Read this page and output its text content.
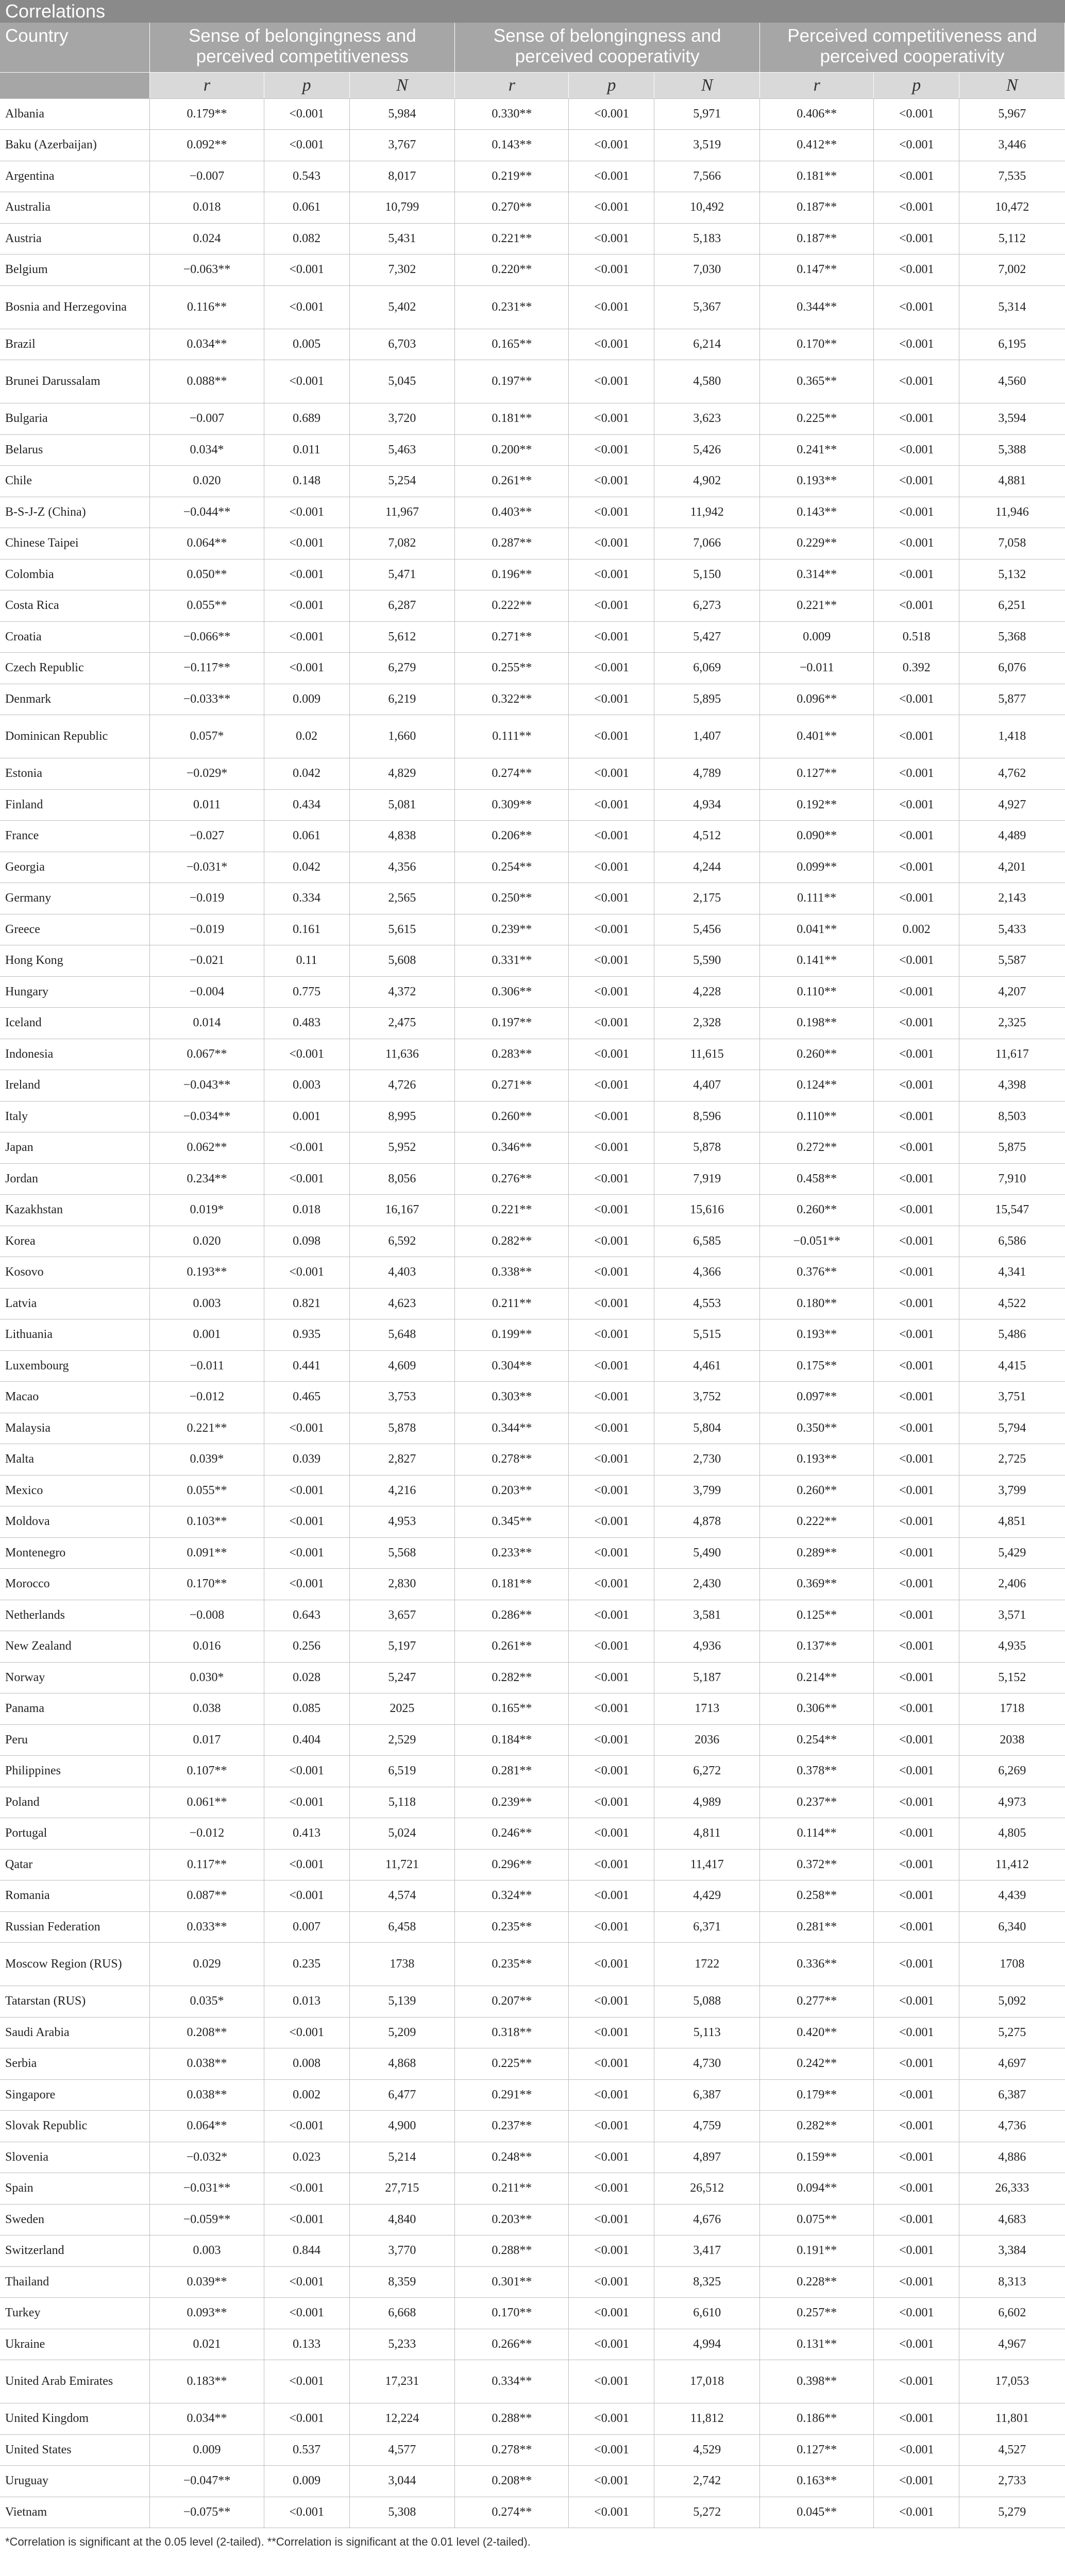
Correlations
Country	Sense of belongingness and perceived competitiveness			Sense of belongingness and perceived cooperativity			Perceived competitiveness and perceived cooperativity		
	r	p	N	r	p	N	r	p	N
Albania	0.179**	<0.001	5,984	0.330**	<0.001	5,971	0.406**	<0.001	5,967
Baku (Azerbaijan)	0.092**	<0.001	3,767	0.143**	<0.001	3,519	0.412**	<0.001	3,446
Argentina	−0.007	0.543	8,017	0.219**	<0.001	7,566	0.181**	<0.001	7,535
Australia	0.018	0.061	10,799	0.270**	<0.001	10,492	0.187**	<0.001	10,472
Austria	0.024	0.082	5,431	0.221**	<0.001	5,183	0.187**	<0.001	5,112
Belgium	−0.063**	<0.001	7,302	0.220**	<0.001	7,030	0.147**	<0.001	7,002
Bosnia and Herzegovina	0.116**	<0.001	5,402	0.231**	<0.001	5,367	0.344**	<0.001	5,314
Brazil	0.034**	0.005	6,703	0.165**	<0.001	6,214	0.170**	<0.001	6,195
Brunei Darussalam	0.088**	<0.001	5,045	0.197**	<0.001	4,580	0.365**	<0.001	4,560
Bulgaria	−0.007	0.689	3,720	0.181**	<0.001	3,623	0.225**	<0.001	3,594
Belarus	0.034*	0.011	5,463	0.200**	<0.001	5,426	0.241**	<0.001	5,388
Chile	0.020	0.148	5,254	0.261**	<0.001	4,902	0.193**	<0.001	4,881
B-S-J-Z (China)	−0.044**	<0.001	11,967	0.403**	<0.001	11,942	0.143**	<0.001	11,946
Chinese Taipei	0.064**	<0.001	7,082	0.287**	<0.001	7,066	0.229**	<0.001	7,058
Colombia	0.050**	<0.001	5,471	0.196**	<0.001	5,150	0.314**	<0.001	5,132
Costa Rica	0.055**	<0.001	6,287	0.222**	<0.001	6,273	0.221**	<0.001	6,251
Croatia	−0.066**	<0.001	5,612	0.271**	<0.001	5,427	0.009	0.518	5,368
Czech Republic	−0.117**	<0.001	6,279	0.255**	<0.001	6,069	−0.011	0.392	6,076
Denmark	−0.033**	0.009	6,219	0.322**	<0.001	5,895	0.096**	<0.001	5,877
Dominican Republic	0.057*	0.02	1,660	0.111**	<0.001	1,407	0.401**	<0.001	1,418
Estonia	−0.029*	0.042	4,829	0.274**	<0.001	4,789	0.127**	<0.001	4,762
Finland	0.011	0.434	5,081	0.309**	<0.001	4,934	0.192**	<0.001	4,927
France	−0.027	0.061	4,838	0.206**	<0.001	4,512	0.090**	<0.001	4,489
Georgia	−0.031*	0.042	4,356	0.254**	<0.001	4,244	0.099**	<0.001	4,201
Germany	−0.019	0.334	2,565	0.250**	<0.001	2,175	0.111**	<0.001	2,143
Greece	−0.019	0.161	5,615	0.239**	<0.001	5,456	0.041**	0.002	5,433
Hong Kong	−0.021	0.11	5,608	0.331**	<0.001	5,590	0.141**	<0.001	5,587
Hungary	−0.004	0.775	4,372	0.306**	<0.001	4,228	0.110**	<0.001	4,207
Iceland	0.014	0.483	2,475	0.197**	<0.001	2,328	0.198**	<0.001	2,325
Indonesia	0.067**	<0.001	11,636	0.283**	<0.001	11,615	0.260**	<0.001	11,617
Ireland	−0.043**	0.003	4,726	0.271**	<0.001	4,407	0.124**	<0.001	4,398
Italy	−0.034**	0.001	8,995	0.260**	<0.001	8,596	0.110**	<0.001	8,503
Japan	0.062**	<0.001	5,952	0.346**	<0.001	5,878	0.272**	<0.001	5,875
Jordan	0.234**	<0.001	8,056	0.276**	<0.001	7,919	0.458**	<0.001	7,910
Kazakhstan	0.019*	0.018	16,167	0.221**	<0.001	15,616	0.260**	<0.001	15,547
Korea	0.020	0.098	6,592	0.282**	<0.001	6,585	−0.051**	<0.001	6,586
Kosovo	0.193**	<0.001	4,403	0.338**	<0.001	4,366	0.376**	<0.001	4,341
Latvia	0.003	0.821	4,623	0.211**	<0.001	4,553	0.180**	<0.001	4,522
Lithuania	0.001	0.935	5,648	0.199**	<0.001	5,515	0.193**	<0.001	5,486
Luxembourg	−0.011	0.441	4,609	0.304**	<0.001	4,461	0.175**	<0.001	4,415
Macao	−0.012	0.465	3,753	0.303**	<0.001	3,752	0.097**	<0.001	3,751
Malaysia	0.221**	<0.001	5,878	0.344**	<0.001	5,804	0.350**	<0.001	5,794
Malta	0.039*	0.039	2,827	0.278**	<0.001	2,730	0.193**	<0.001	2,725
Mexico	0.055**	<0.001	4,216	0.203**	<0.001	3,799	0.260**	<0.001	3,799
Moldova	0.103**	<0.001	4,953	0.345**	<0.001	4,878	0.222**	<0.001	4,851
Montenegro	0.091**	<0.001	5,568	0.233**	<0.001	5,490	0.289**	<0.001	5,429
Morocco	0.170**	<0.001	2,830	0.181**	<0.001	2,430	0.369**	<0.001	2,406
Netherlands	−0.008	0.643	3,657	0.286**	<0.001	3,581	0.125**	<0.001	3,571
New Zealand	0.016	0.256	5,197	0.261**	<0.001	4,936	0.137**	<0.001	4,935
Norway	0.030*	0.028	5,247	0.282**	<0.001	5,187	0.214**	<0.001	5,152
Panama	0.038	0.085	2025	0.165**	<0.001	1713	0.306**	<0.001	1718
Peru	0.017	0.404	2,529	0.184**	<0.001	2036	0.254**	<0.001	2038
Philippines	0.107**	<0.001	6,519	0.281**	<0.001	6,272	0.378**	<0.001	6,269
Poland	0.061**	<0.001	5,118	0.239**	<0.001	4,989	0.237**	<0.001	4,973
Portugal	−0.012	0.413	5,024	0.246**	<0.001	4,811	0.114**	<0.001	4,805
Qatar	0.117**	<0.001	11,721	0.296**	<0.001	11,417	0.372**	<0.001	11,412
Romania	0.087**	<0.001	4,574	0.324**	<0.001	4,429	0.258**	<0.001	4,439
Russian Federation	0.033**	0.007	6,458	0.235**	<0.001	6,371	0.281**	<0.001	6,340
Moscow Region (RUS)	0.029	0.235	1738	0.235**	<0.001	1722	0.336**	<0.001	1708
Tatarstan (RUS)	0.035*	0.013	5,139	0.207**	<0.001	5,088	0.277**	<0.001	5,092
Saudi Arabia	0.208**	<0.001	5,209	0.318**	<0.001	5,113	0.420**	<0.001	5,275
Serbia	0.038**	0.008	4,868	0.225**	<0.001	4,730	0.242**	<0.001	4,697
Singapore	0.038**	0.002	6,477	0.291**	<0.001	6,387	0.179**	<0.001	6,387
Slovak Republic	0.064**	<0.001	4,900	0.237**	<0.001	4,759	0.282**	<0.001	4,736
Slovenia	−0.032*	0.023	5,214	0.248**	<0.001	4,897	0.159**	<0.001	4,886
Spain	−0.031**	<0.001	27,715	0.211**	<0.001	26,512	0.094**	<0.001	26,333
Sweden	−0.059**	<0.001	4,840	0.203**	<0.001	4,676	0.075**	<0.001	4,683
Switzerland	0.003	0.844	3,770	0.288**	<0.001	3,417	0.191**	<0.001	3,384
Thailand	0.039**	<0.001	8,359	0.301**	<0.001	8,325	0.228**	<0.001	8,313
Turkey	0.093**	<0.001	6,668	0.170**	<0.001	6,610	0.257**	<0.001	6,602
Ukraine	0.021	0.133	5,233	0.266**	<0.001	4,994	0.131**	<0.001	4,967
United Arab Emirates	0.183**	<0.001	17,231	0.334**	<0.001	17,018	0.398**	<0.001	17,053
United Kingdom	0.034**	<0.001	12,224	0.288**	<0.001	11,812	0.186**	<0.001	11,801
United States	0.009	0.537	4,577	0.278**	<0.001	4,529	0.127**	<0.001	4,527
Uruguay	−0.047**	0.009	3,044	0.208**	<0.001	2,742	0.163**	<0.001	2,733
Vietnam	−0.075**	<0.001	5,308	0.274**	<0.001	5,272	0.045**	<0.001	5,279
*Correlation is significant at the 0.05 level (2-tailed). **Correlation is significant at the 0.01 level (2-tailed).
